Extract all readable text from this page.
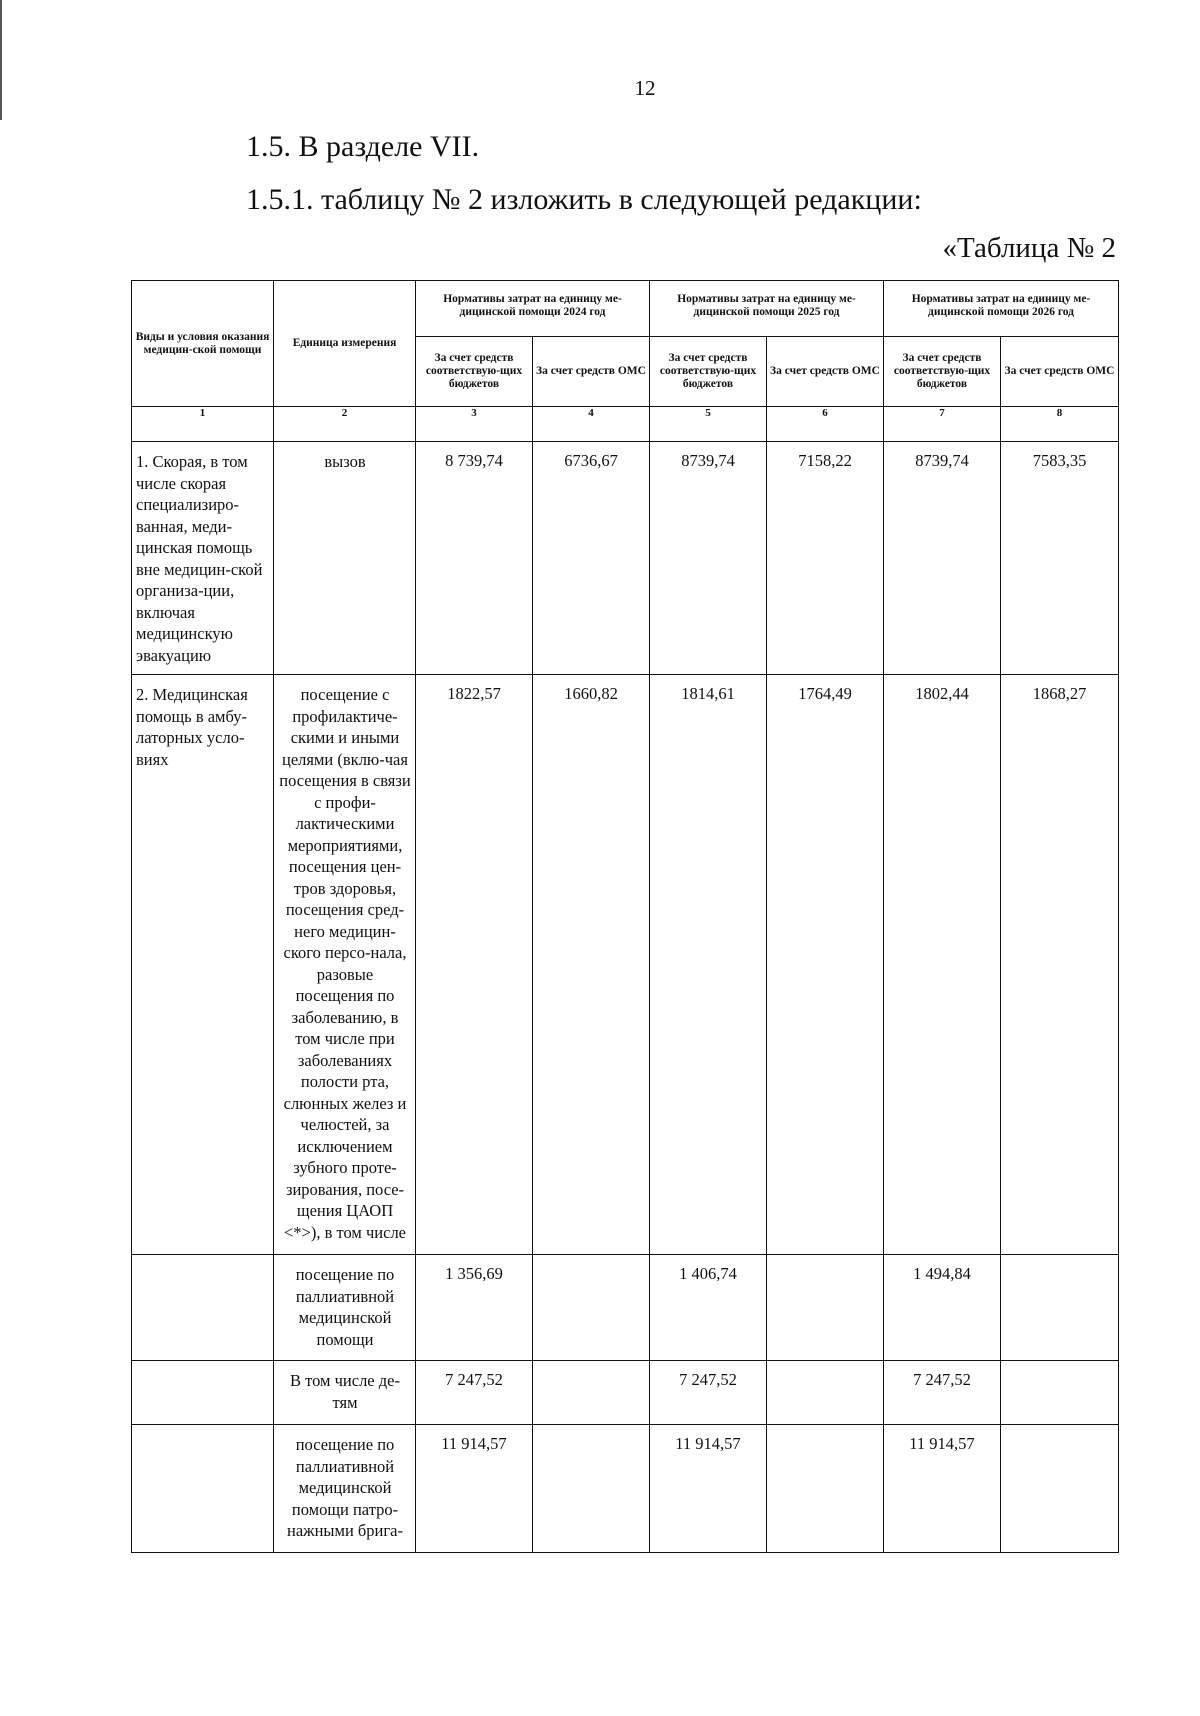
12
1.5. В разделе VII.
1.5.1. таблицу № 2 изложить в следующей редакции:
«Таблица № 2
Виды и условия оказания медицин-ской помощи	Единица измерения	Нормативы затрат на единицу ме-дицинской помощи 2024 год		Нормативы затрат на единицу ме-дицинской помощи 2025 год		Нормативы затрат на единицу ме-дицинской помощи 2026 год	
		За счет средств соответствую-щих бюджетов	За счет средств ОМС	За счет средств соответствую-щих бюджетов	За счет средств ОМС	За счет средств соответствую-щих бюджетов	За счет средств ОМС
1	2	3	4	5	6	7	8
1. Скорая, в том числе скорая специализиро-ванная, меди-цинская помощь вне медицин-ской организа-ции, включая медицинскую эвакуацию	вызов	8 739,74	6736,67	8739,74	7158,22	8739,74	7583,35
2. Медицинская помощь в амбу-латорных усло-виях	посещение с профилактиче-скими и иными целями (вклю-чая посещения в связи с профи-лактическими мероприятиями, посещения цен-тров здоровья, посещения сред-него медицин-ского персо-нала, разовые посещения по заболеванию, в том числе при заболеваниях полости рта, слюнных желез и челюстей, за исключением зубного проте-зирования, посе-щения ЦАОП <*>), в том числе	1822,57	1660,82	1814,61	1764,49	1802,44	1868,27
	посещение по паллиативной медицинской помощи	1 356,69		1 406,74		1 494,84	
	В том числе де-тям	7 247,52		7 247,52		7 247,52	
	посещение по паллиативной медицинской помощи патро-нажными брига-	11 914,57		11 914,57		11 914,57	
